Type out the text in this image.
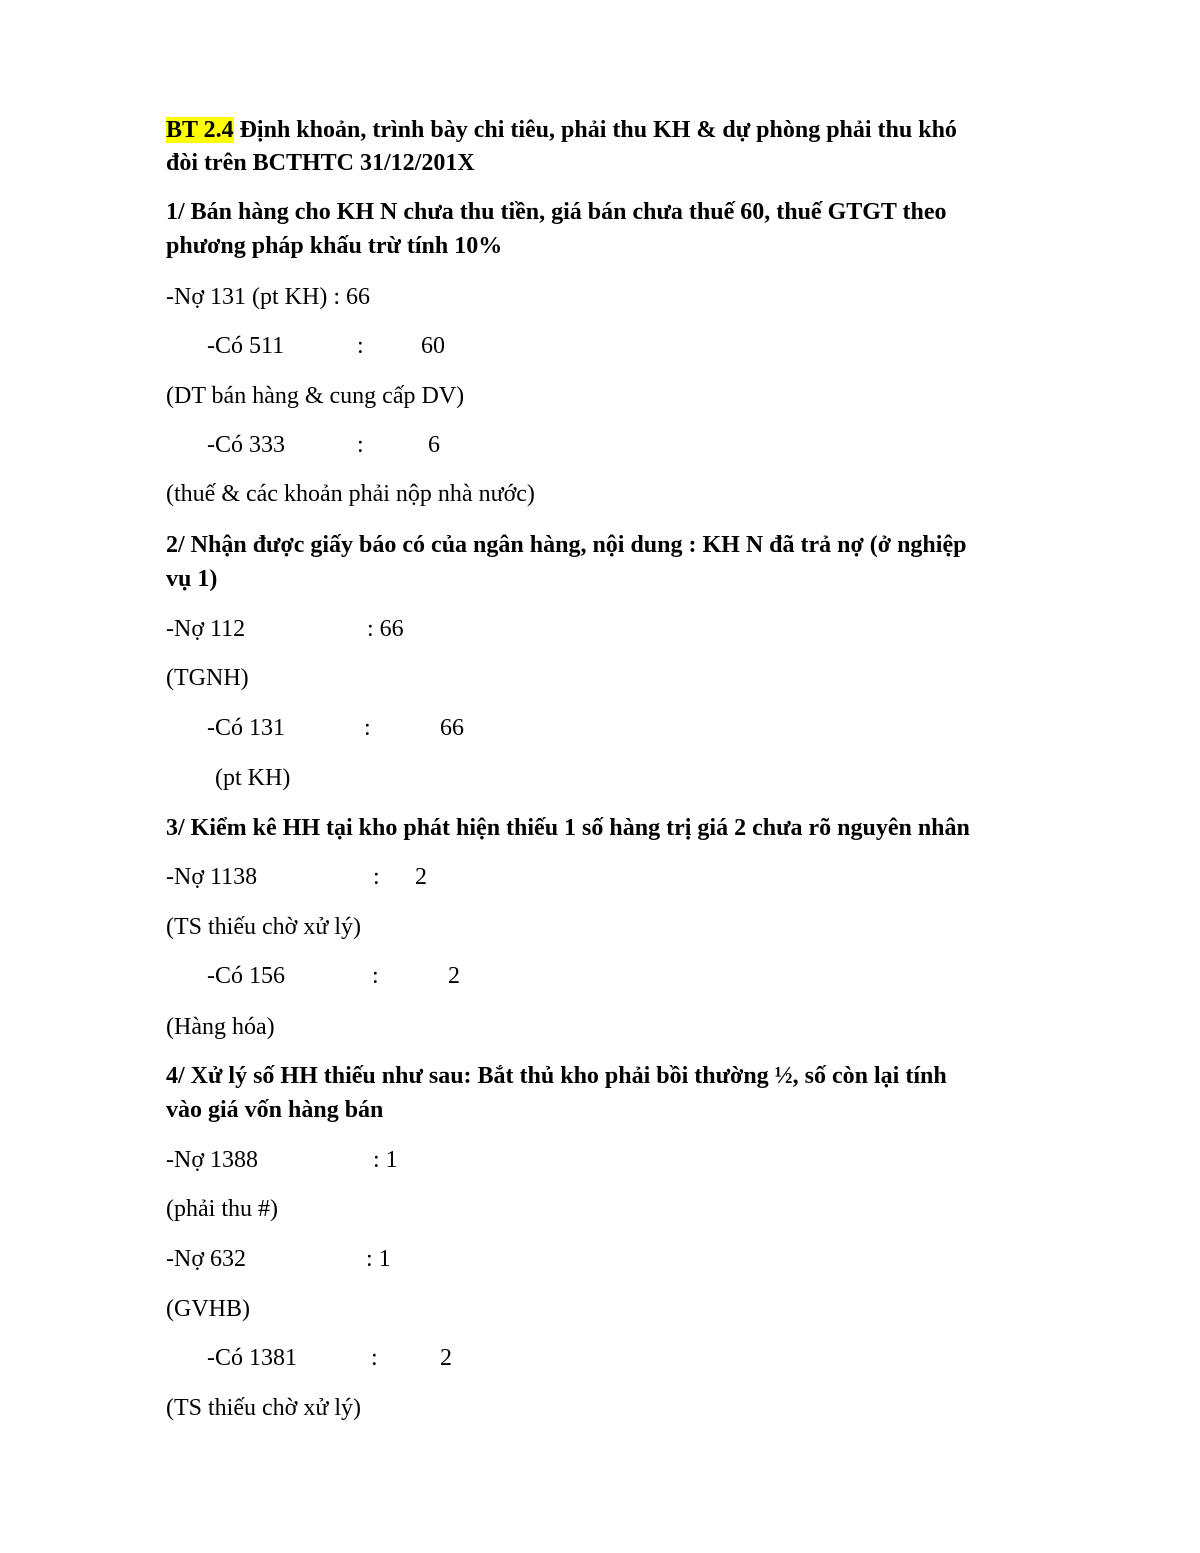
BT 2.4 Định khoản, trình bày chi tiêu, phải thu KH & dự phòng phải thu khó
đòi trên BCTHTC 31/12/201X
1/ Bán hàng cho KH N chưa thu tiền, giá bán chưa thuế 60, thuế GTGT theo
phương pháp khấu trừ tính 10%
-Nợ 131 (pt KH) : 66

-Có 511

	:

60

(DT bán hàng & cung cấp DV)

-Có 333

	:

	6

(thuế & các khoản phải nộp nhà nước)
2/ Nhận được giấy báo có của ngân hàng, nội dung : KH N đã trả nợ (ở nghiệp
vụ 1)

-Nợ 112

	: 66

(TGNH)

-Có 131

	:

	66

(pt KH)
3/ Kiểm kê HH tại kho phát hiện thiếu 1 số hàng trị giá 2 chưa rõ nguyên nhân

-Nợ 1138

	:

2

(TS thiếu chờ xử lý)

-Có 156

	:

	2

(Hàng hóa)
4/ Xử lý số HH thiếu như sau: Bắt thủ kho phải bồi thường ½, số còn lại tính
vào giá vốn hàng bán

-Nợ 1388

	: 1

(phải thu #)

-Nợ 632

	: 1

(GVHB)

-Có 1381

	:

	2

(TS thiếu chờ xử lý)
